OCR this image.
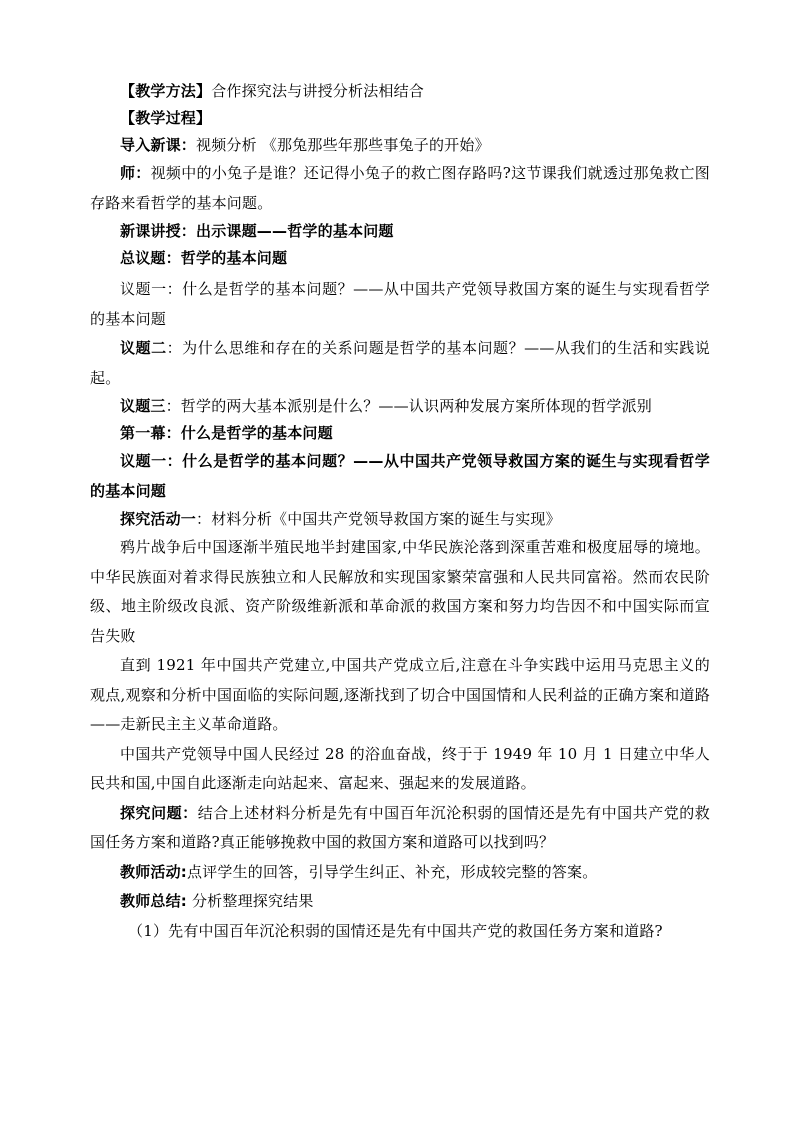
【教学方法】合作探究法与讲授分析法相结合

【教学过程】

导入新课：视频分析 《那兔那些年那些事兔子的开始》

师：视频中的小兔子是谁？还记得小兔子的救亡图存路吗?这节课我们就透过那兔救亡图存路来看哲学的基本问题。

新课讲授：出示课题——哲学的基本问题

总议题：哲学的基本问题

议题一：什么是哲学的基本问题？——从中国共产党领导救国方案的诞生与实现看哲学的基本问题

议题二：为什么思维和存在的关系问题是哲学的基本问题？——从我们的生活和实践说起。

议题三：哲学的两大基本派别是什么？——认识两种发展方案所体现的哲学派别

第一幕：什么是哲学的基本问题

议题一：什么是哲学的基本问题？——从中国共产党领导救国方案的诞生与实现看哲学的基本问题

探究活动一：材料分析《中国共产党领导救国方案的诞生与实现》

鸦片战争后中国逐渐半殖民地半封建国家,中华民族沦落到深重苦难和极度屈辱的境地。中华民族面对着求得民族独立和人民解放和实现国家繁荣富强和人民共同富裕。然而农民阶级、地主阶级改良派、资产阶级维新派和革命派的救国方案和努力均告因不和中国实际而宣告失败

直到 1921 年中国共产党建立,中国共产党成立后,注意在斗争实践中运用马克思主义的观点,观察和分析中国面临的实际问题,逐渐找到了切合中国国情和人民利益的正确方案和道路——走新民主主义革命道路。

中国共产党领导中国人民经过 28 的浴血奋战，终于于 1949 年 10 月 1 日建立中华人民共和国,中国自此逐渐走向站起来、富起来、强起来的发展道路。

探究问题：结合上述材料分析是先有中国百年沉沦积弱的国情还是先有中国共产党的救国任务方案和道路?真正能够挽救中国的救国方案和道路可以找到吗？

教师活动:点评学生的回答，引导学生纠正、补充，形成较完整的答案。

教师总结: 分析整理探究结果

（1）先有中国百年沉沦积弱的国情还是先有中国共产党的救国任务方案和道路?
